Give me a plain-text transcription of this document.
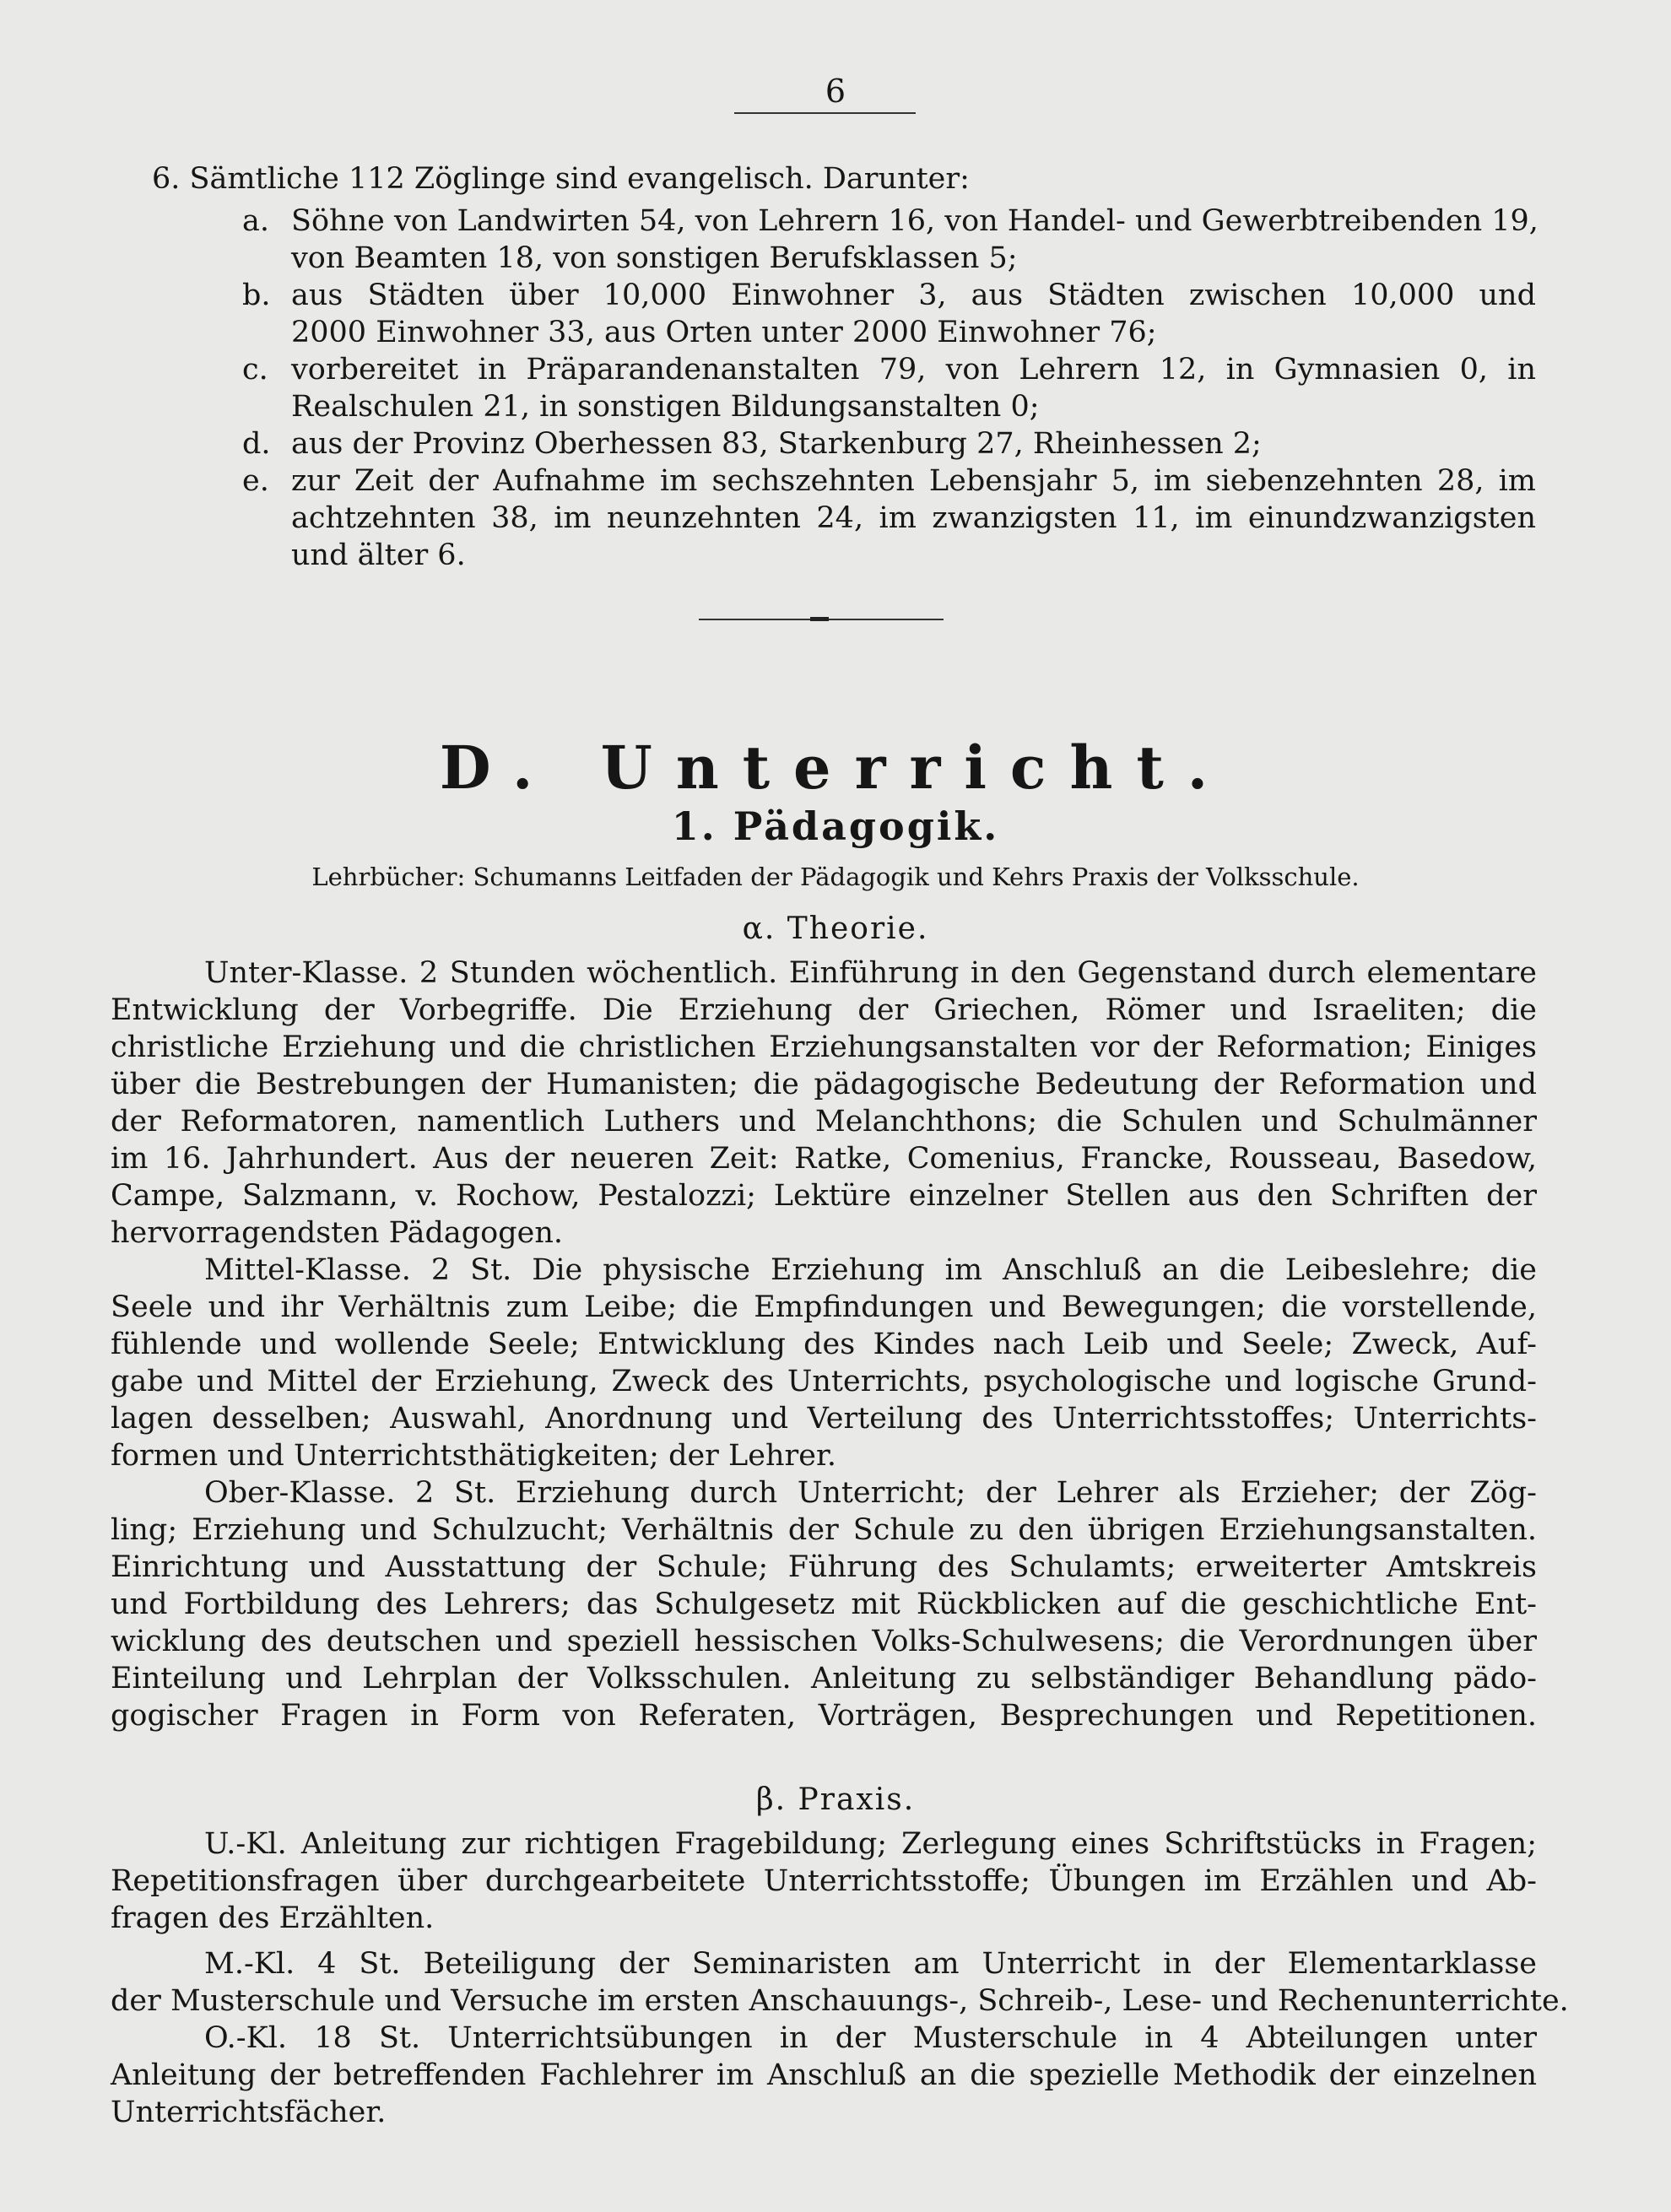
6
6. Sämtliche 112 Zöglinge sind evangelisch. Darunter:
a. Söhne von Landwirten 54, von Lehrern 16, von Handel- und Gewerbtreibenden 19,
von Beamten 18, von sonstigen Berufsklassen 5;
b. aus Städten über 10,000 Einwohner 3, aus Städten zwischen 10,000 und
2000 Einwohner 33, aus Orten unter 2000 Einwohner 76;
c. vorbereitet in Präparandenanstalten 79, von Lehrern 12, in Gymnasien 0, in
Realschulen 21, in sonstigen Bildungsanstalten 0;
d. aus der Provinz Oberhessen 83, Starkenburg 27, Rheinhessen 2;
e. zur Zeit der Aufnahme im sechszehnten Lebensjahr 5, im siebenzehnten 28, im
achtzehnten 38, im neunzehnten 24, im zwanzigsten 11, im einundzwanzigsten
und älter 6.
D. Unterricht.
1. Pädagogik.
Lehrbücher: Schumanns Leitfaden der Pädagogik und Kehrs Praxis der Volksschule.
α. Theorie.
Unter-Klasse. 2 Stunden wöchentlich. Einführung in den Gegenstand durch elementare
Entwicklung der Vorbegriffe. Die Erziehung der Griechen, Römer und Israeliten; die
christliche Erziehung und die christlichen Erziehungsanstalten vor der Reformation; Einiges
über die Bestrebungen der Humanisten; die pädagogische Bedeutung der Reformation und
der Reformatoren, namentlich Luthers und Melanchthons; die Schulen und Schulmänner
im 16. Jahrhundert. Aus der neueren Zeit: Ratke, Comenius, Francke, Rousseau, Basedow,
Campe, Salzmann, v. Rochow, Pestalozzi; Lektüre einzelner Stellen aus den Schriften der
hervorragendsten Pädagogen.
Mittel-Klasse. 2 St. Die physische Erziehung im Anschluß an die Leibeslehre; die
Seele und ihr Verhältnis zum Leibe; die Empfindungen und Bewegungen; die vorstellende,
fühlende und wollende Seele; Entwicklung des Kindes nach Leib und Seele; Zweck, Auf-
gabe und Mittel der Erziehung, Zweck des Unterrichts, psychologische und logische Grund-
lagen desselben; Auswahl, Anordnung und Verteilung des Unterrichtsstoffes; Unterrichts-
formen und Unterrichtsthätigkeiten; der Lehrer.
Ober-Klasse. 2 St. Erziehung durch Unterricht; der Lehrer als Erzieher; der Zög-
ling; Erziehung und Schulzucht; Verhältnis der Schule zu den übrigen Erziehungsanstalten.
Einrichtung und Ausstattung der Schule; Führung des Schulamts; erweiterter Amtskreis
und Fortbildung des Lehrers; das Schulgesetz mit Rückblicken auf die geschichtliche Ent-
wicklung des deutschen und speziell hessischen Volks-Schulwesens; die Verordnungen über
Einteilung und Lehrplan der Volksschulen. Anleitung zu selbständiger Behandlung pädo-
gogischer Fragen in Form von Referaten, Vorträgen, Besprechungen und Repetitionen.
β. Praxis.
U.-Kl. Anleitung zur richtigen Fragebildung; Zerlegung eines Schriftstücks in Fragen;
Repetitionsfragen über durchgearbeitete Unterrichtsstoffe; Übungen im Erzählen und Ab-
fragen des Erzählten.
M.-Kl. 4 St. Beteiligung der Seminaristen am Unterricht in der Elementarklasse
der Musterschule und Versuche im ersten Anschauungs-, Schreib-, Lese- und Rechenunterrichte.
O.-Kl. 18 St. Unterrichtsübungen in der Musterschule in 4 Abteilungen unter
Anleitung der betreffenden Fachlehrer im Anschluß an die spezielle Methodik der einzelnen
Unterrichtsfächer.
